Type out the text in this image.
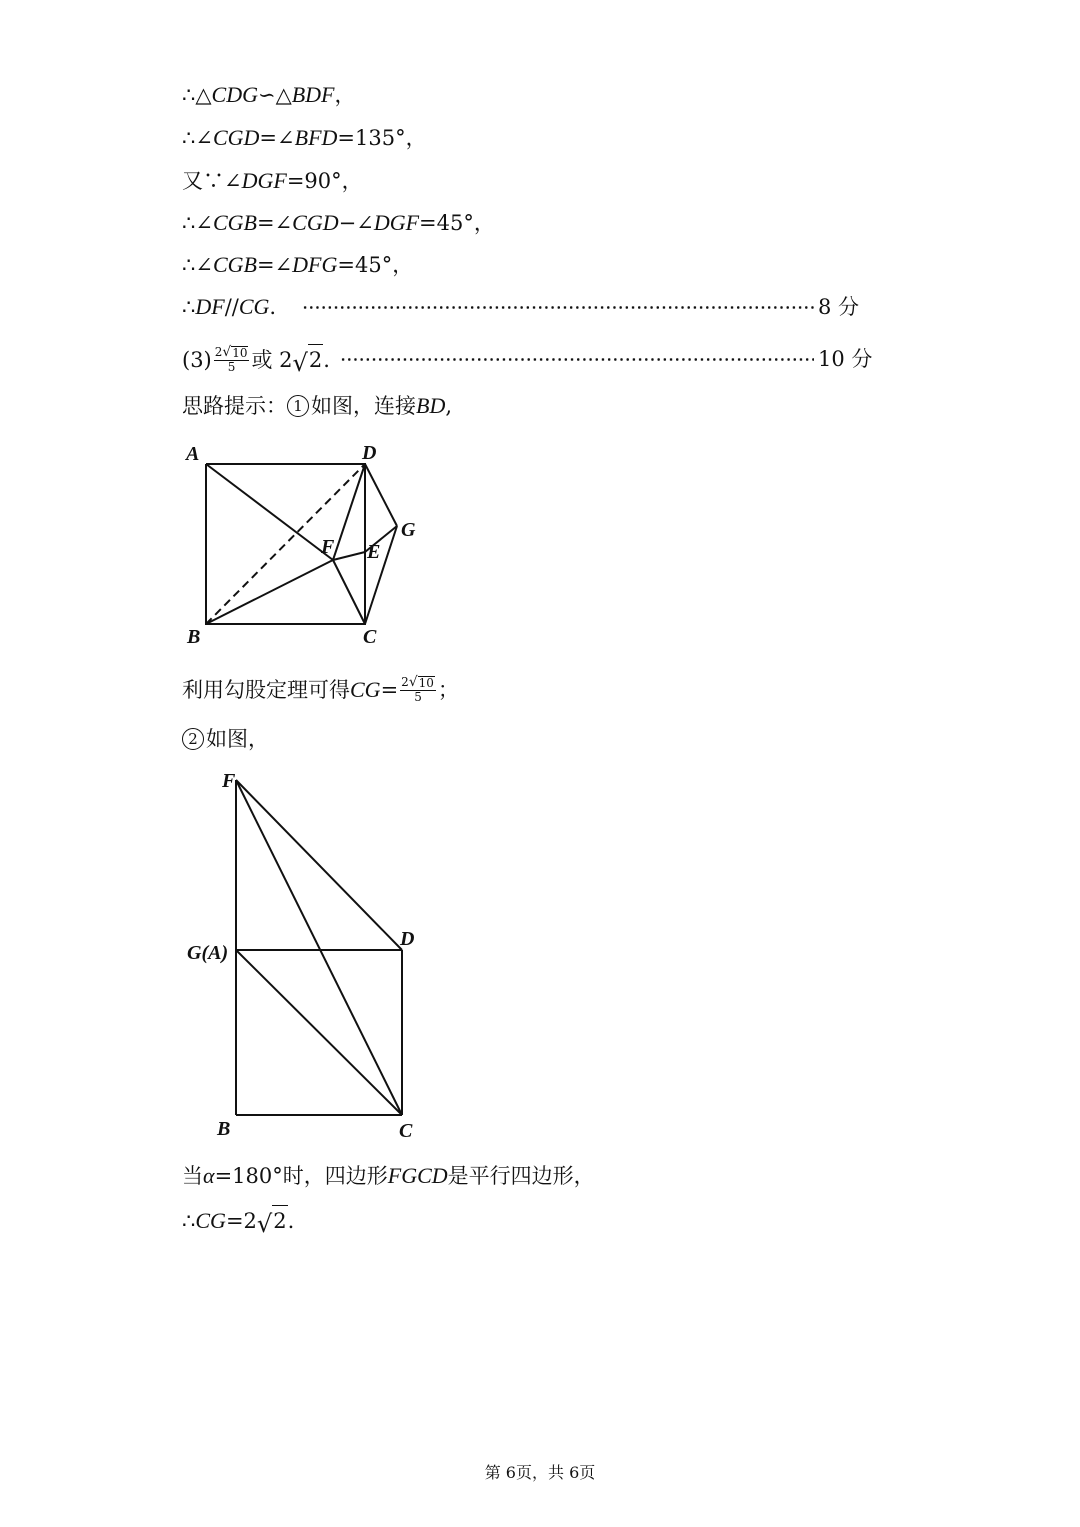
∴△ CDG ∽△ BDF ，
∴∠ CGD =∠ BFD =135°，
又∵∠ DGF =90°，
∴∠ CGB =∠ CGD −∠ DGF =45°，
∴∠ CGB =∠ DFG =45°，
∴ DF // CG .	8 分
$(3) \frac{2 √ 10}{5}$ 或 2 √ 2 .	10 分
思路提示： 1 如图，连接 BD ,
A	D
G
F E
B	C
利用勾股定理可得 CG = $\frac{2 √ 10}{5}$ ；
2 如图，
F
G(A)
D
B	C
当 α =180°时，四边形 FGCD 是平行四边形，
∴ CG =2 √ 2 .
第 6页，共 6页
